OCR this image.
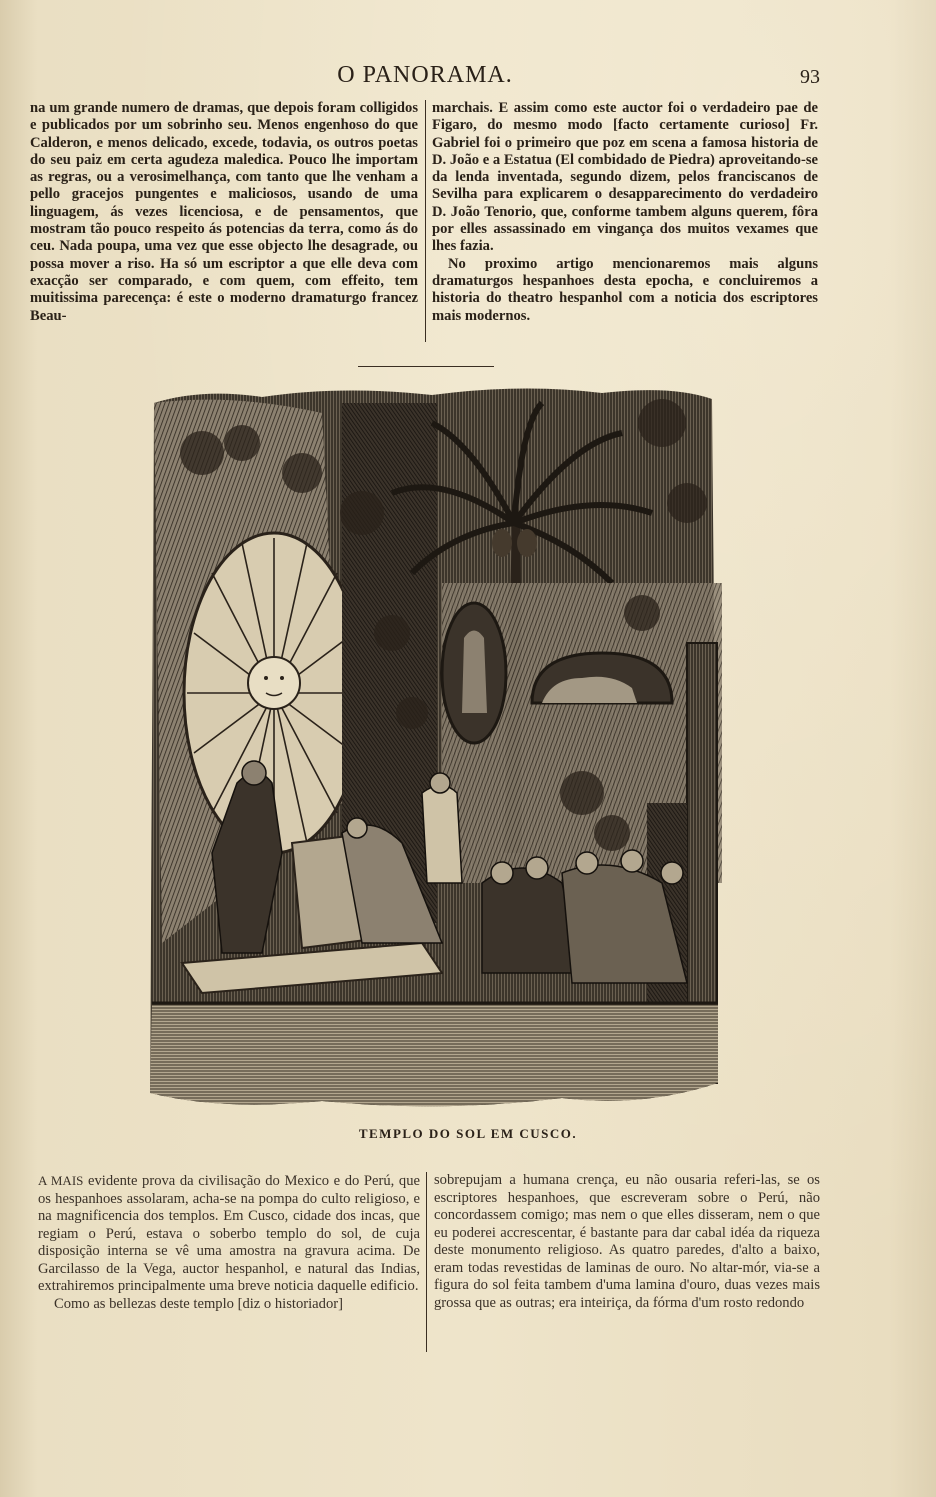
O PANORAMA.	93

na um grande numero de dramas, que depois foram colligidos e publicados por um sobrinho seu. Menos engenhoso do que Calderon, e menos delicado, excede, todavia, os outros poetas do seu paiz em certa agudeza maledica. Pouco lhe importam as regras, ou a verosimelhança, com tanto que lhe venham a pello gracejos pungentes e maliciosos, usando de uma linguagem, ás vezes licenciosa, e de pensamentos, que mostram tão pouco respeito ás potencias da terra, como ás do ceu. Nada poupa, uma vez que esse objecto lhe desagrade, ou possa mover a riso. Ha só um escriptor a que elle deva com exacção ser comparado, e com quem, com effeito, tem muitissima parecença: é este o moderno dramaturgo francez Beau-

marchais. E assim como este auctor foi o verdadeiro pae de Figaro, do mesmo modo [facto certamente curioso] Fr. Gabriel foi o primeiro que poz em scena a famosa historia de D. João e a Estatua (El combidado de Piedra) aproveitando-se da lenda inventada, segundo dizem, pelos franciscanos de Sevilha para explicarem o desapparecimento do verdadeiro D. João Tenorio, que, conforme tambem alguns querem, fôra por elles assassinado em vingança dos muitos vexames que lhes fazia.

No proximo artigo mencionaremos mais alguns dramaturgos hespanhoes desta epocha, e concluiremos a historia do theatro hespanhol com a noticia dos escriptores mais modernos.

TEMPLO DO SOL EM CUSCO.

A MAIS evidente prova da civilisação do Mexico e do Perú, que os hespanhoes assolaram, acha-se na pompa do culto religioso, e na magnificencia dos templos. Em Cusco, cidade dos incas, que regiam o Perú, estava o soberbo templo do sol, de cuja disposição interna se vê uma amostra na gravura acima. De Garcilasso de la Vega, auctor hespanhol, e natural das Indias, extrahiremos principalmente uma breve noticia daquelle edificio.

Como as bellezas deste templo [diz o historiador]

sobrepujam a humana crença, eu não ousaria referi-las, se os escriptores hespanhoes, que escreveram sobre o Perú, não concordassem comigo; mas nem o que elles disseram, nem o que eu poderei accrescentar, é bastante para dar cabal idéa da riqueza deste monumento religioso. As quatro paredes, d'alto a baixo, eram todas revestidas de laminas de ouro. No altar-mór, via-se a figura do sol feita tambem d'uma lamina d'ouro, duas vezes mais grossa que as outras; era inteiriça, da fórma d'um rosto redondo
